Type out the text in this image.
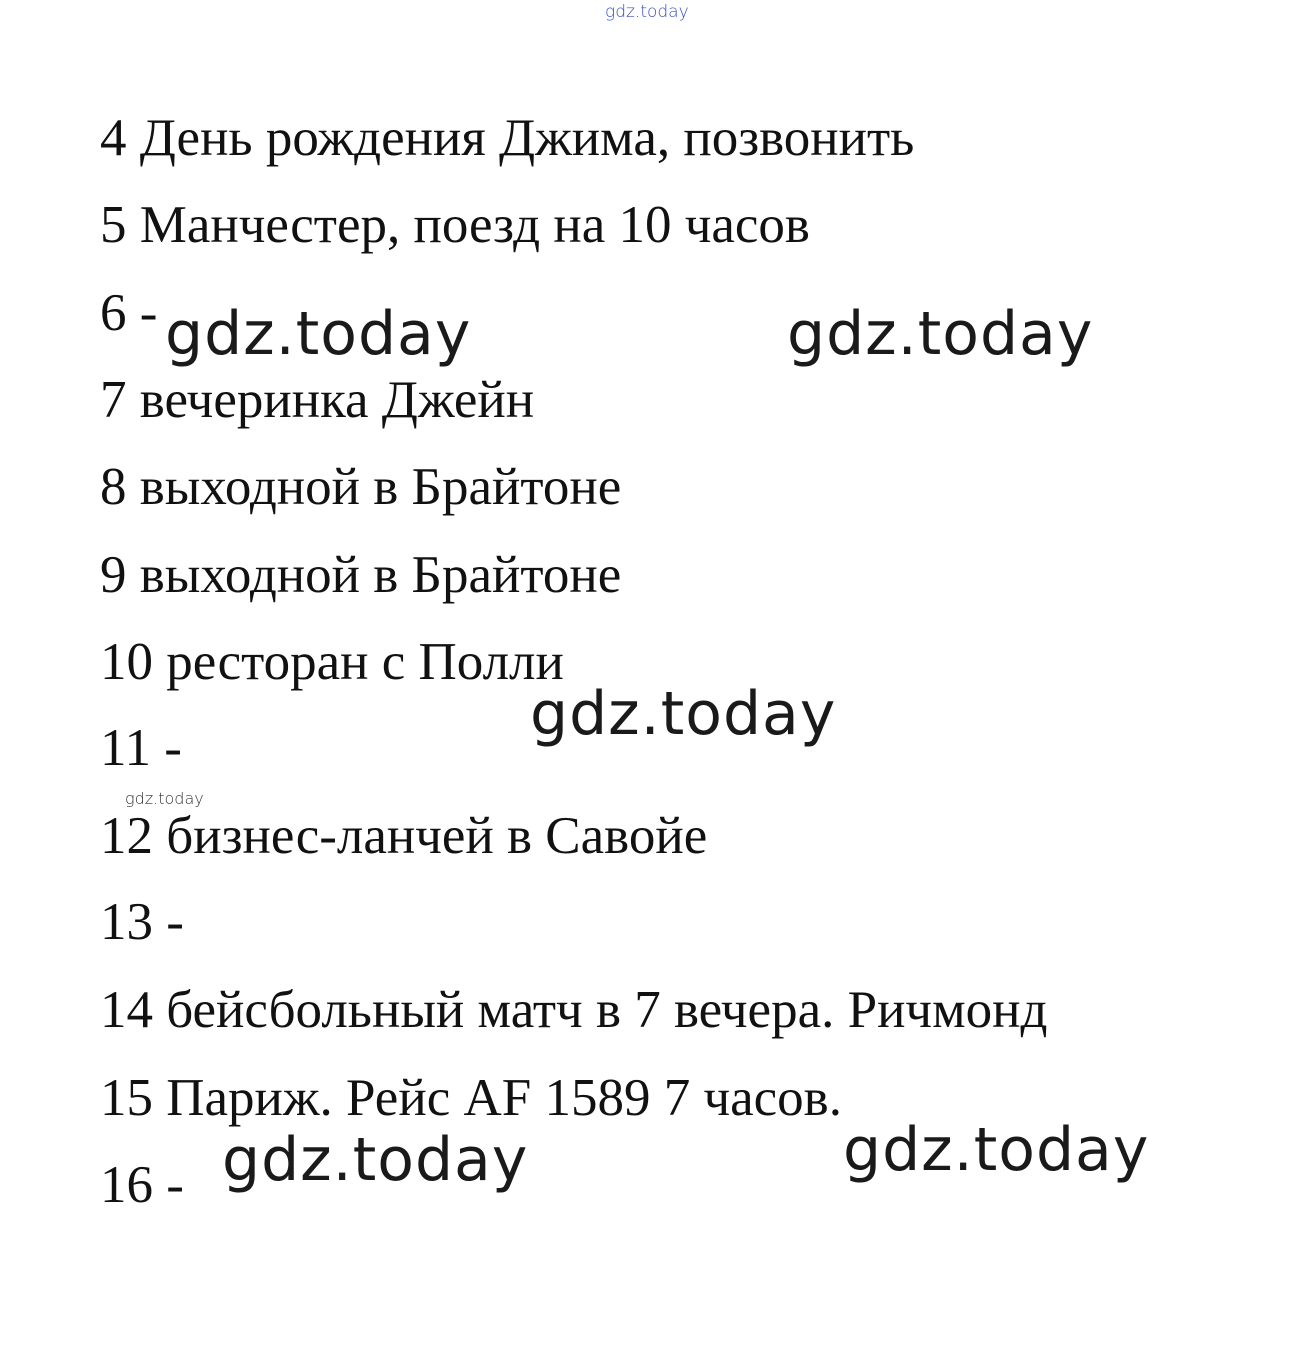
gdz.today

4 День рождения Джима, позвонить

5 Манчестер, поезд на 10 часов

6 -

7 вечеринка Джейн

8 выходной в Брайтоне

9 выходной в Брайтоне

10 ресторан с Полли

11 -

12 бизнес-ланчей в Савойе

13 -

14 бейсбольный матч в 7 вечера. Ричмонд

15 Париж. Рейс AF 1589 7 часов.

16 -

gdz.today	gdz.today
gdz.today
gdz.today
gdz.today	gdz.today
